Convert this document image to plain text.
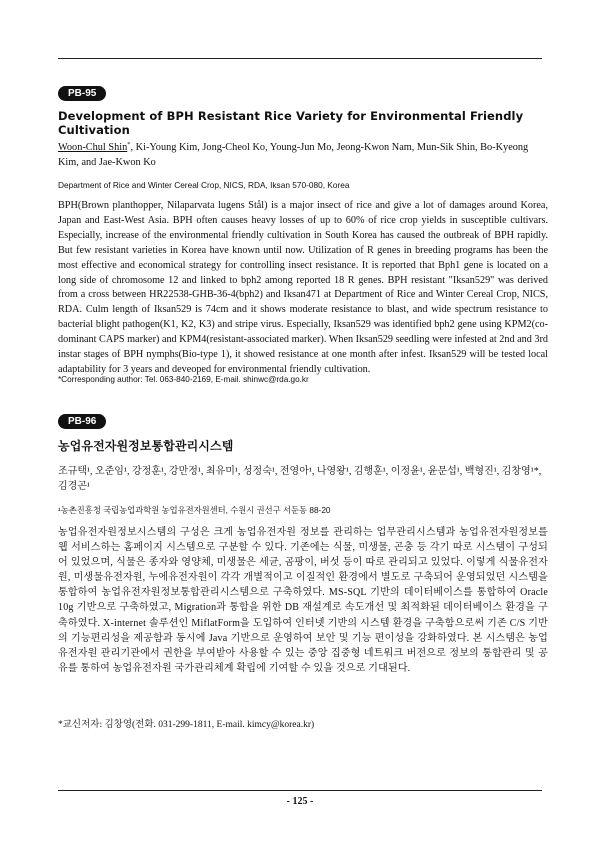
PB-95
Development of BPH Resistant Rice Variety for Environmental Friendly Cultivation
Woon-Chul Shin*, Ki-Young Kim, Jong-Cheol Ko, Young-Jun Mo, Jeong-Kwon Nam, Mun-Sik Shin, Bo-Kyeong Kim, and Jae-Kwon Ko
Department of Rice and Winter Cereal Crop, NICS, RDA, Iksan 570-080, Korea

BPH(Brown planthopper, Nilaparvata lugens Stål) is a major insect of rice and give a lot of damages around Korea, Japan and East-West Asia. BPH often causes heavy losses of up to 60% of rice crop yields in susceptible cultivars. Especially, increase of the environmental friendly cultivation in South Korea has caused the outbreak of BPH rapidly. But few resistant varieties in Korea have known until now. Utilization of R genes in breeding programs has been the most effective and economical strategy for controlling insect resistance. It is reported that Bph1 gene is located on a long side of chromosome 12 and linked to bph2 among reported 18 R genes. BPH resistant "Iksan529" was derived from a cross between HR22538-GHB-36-4(bph2) and Iksan471 at Department of Rice and Winter Cereal Crop, NICS, RDA. Culm length of Iksan529 is 74cm and it shows moderate resistance to blast, and wide spectrum resistance to bacterial blight pathogen(K1, K2, K3) and stripe virus. Especially, Iksan529 was identified bph2 gene using KPM2(co-dominant CAPS marker) and KPM4(resistant-associated marker). When Iksan529 seedling were infested at 2nd and 3rd instar stages of BPH nymphs(Bio-type 1), it showed resistance at one month after infest. Iksan529 will be tested local adaptability for 3 years and deveoped for environmental friendly cultivation.

*Corresponding author: Tel. 063-840-2169, E-mail. shinwc@rda.go.kr
PB-96
농업유전자원정보통합관리시스템
조규택¹, 오준임¹, 강정훈¹, 강만정¹, 최유미¹, 성정숙¹, 전영아¹, 나영왕¹, 김행훈¹, 이정윤¹, 윤문섭¹, 백형진¹, 김창영¹*,
김경곤¹
¹농촌진흥청 국립농업과학원 농업유전자원센터, 수원시 권선구 서둔동 88-20

농업유전자원정보시스템의 구성은 크게 농업유전자원 정보를 관리하는 업무관리시스템과 농업유전자원정보를 웹 서비스하는 홈페이지 시스템으로 구분할 수 있다. 기존에는 식물, 미생물, 곤충 등 각기 따로 시스템이 구성되어 있었으며, 식물은 종자와 영양체, 미생물은 세균, 곰팡이, 버섯 등이 따로 관리되고 있었다. 이렇게 식물유전자원, 미생물유전자원, 누에유전자원이 각각 개별적이고 이질적인 환경에서 별도로 구축되어 운영되었던 시스템을 통합하여 농업유전자원정보통합관리시스템으로 구축하였다. MS-SQL 기반의 데이터베이스를 통합하여 Oracle 10g 기반으로 구축하였고, Migration과 통합을 위한 DB 재설계로 속도개선 및 최적화된 데이터베이스 환경을 구축하였다. X-internet 솔루션인 MiflatForm을 도입하여 인터넷 기반의 시스템 환경을 구축함으로써 기존 C/S 기반의 기능편리성을 제공함과 동시에 Java 기반으로 운영하여 보안 및 기능 편이성을 강화하였다. 본 시스템은 농업유전자원 관리기관에서 권한을 부여받아 사용할 수 있는 중앙 집중형 네트워크 버전으로 정보의 통합관리 및 공유를 통하여 농업유전자원 국가관리체계 확립에 기여할 수 있을 것으로 기대된다.

*교신저자: 김창영(전화. 031-299-1811, E-mail. kimcy@korea.kr)
- 125 -
